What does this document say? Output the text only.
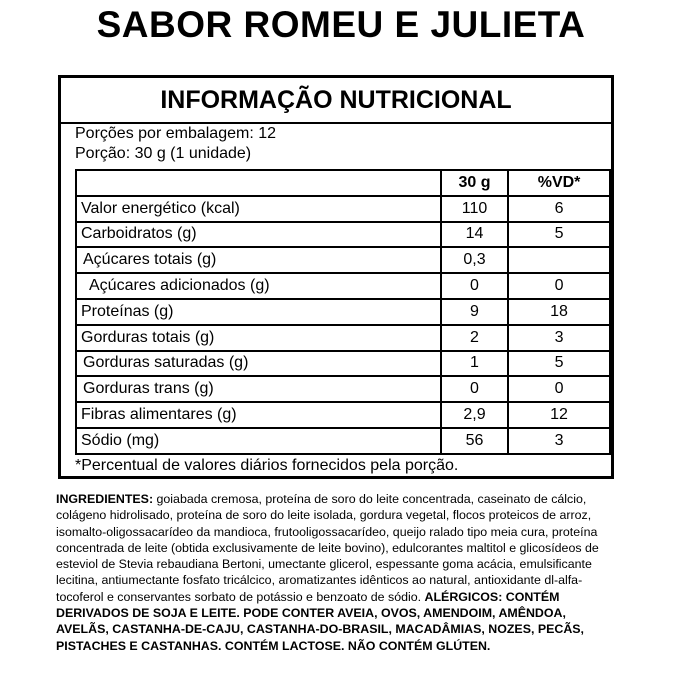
SABOR ROMEU E JULIETA
INFORMAÇÃO NUTRICIONAL
Porções por embalagem: 12
Porção: 30 g (1 unidade)
	30 g	%VD*
Valor energético (kcal)	110	6
Carboidratos (g)	14	5
Açúcares totais (g)	0,3	
Açúcares adicionados (g)	0	0
Proteínas (g)	9	18
Gorduras totais (g)	2	3
Gorduras saturadas (g)	1	5
Gorduras trans (g)	0	0
Fibras alimentares (g)	2,9	12
Sódio (mg)	56	3
*Percentual de valores diários fornecidos pela porção.
INGREDIENTES: goiabada cremosa, proteína de soro do leite concentrada, caseinato de cálcio, colágeno hidrolisado, proteína de soro do leite isolada, gordura vegetal, flocos proteicos de arroz, isomalto-oligossacarídeo da mandioca, frutooligossacarídeo, queijo ralado tipo meia cura, proteína concentrada de leite (obtida exclusivamente de leite bovino), edulcorantes maltitol e glicosídeos de esteviol de Stevia rebaudiana Bertoni, umectante glicerol, espessante goma acácia, emulsificante lecitina, antiumectante fosfato tricálcico, aromatizantes idênticos ao natural, antioxidante dl-alfa-tocoferol e conservantes sorbato de potássio e benzoato de sódio. ALÉRGICOS: CONTÉM DERIVADOS DE SOJA E LEITE. PODE CONTER AVEIA, OVOS, AMENDOIM, AMÊNDOA, AVELÃS, CASTANHA-DE-CAJU, CASTANHA-DO-BRASIL, MACADÂMIAS, NOZES, PECÃS, PISTACHES E CASTANHAS. CONTÉM LACTOSE. NÃO CONTÉM GLÚTEN.
